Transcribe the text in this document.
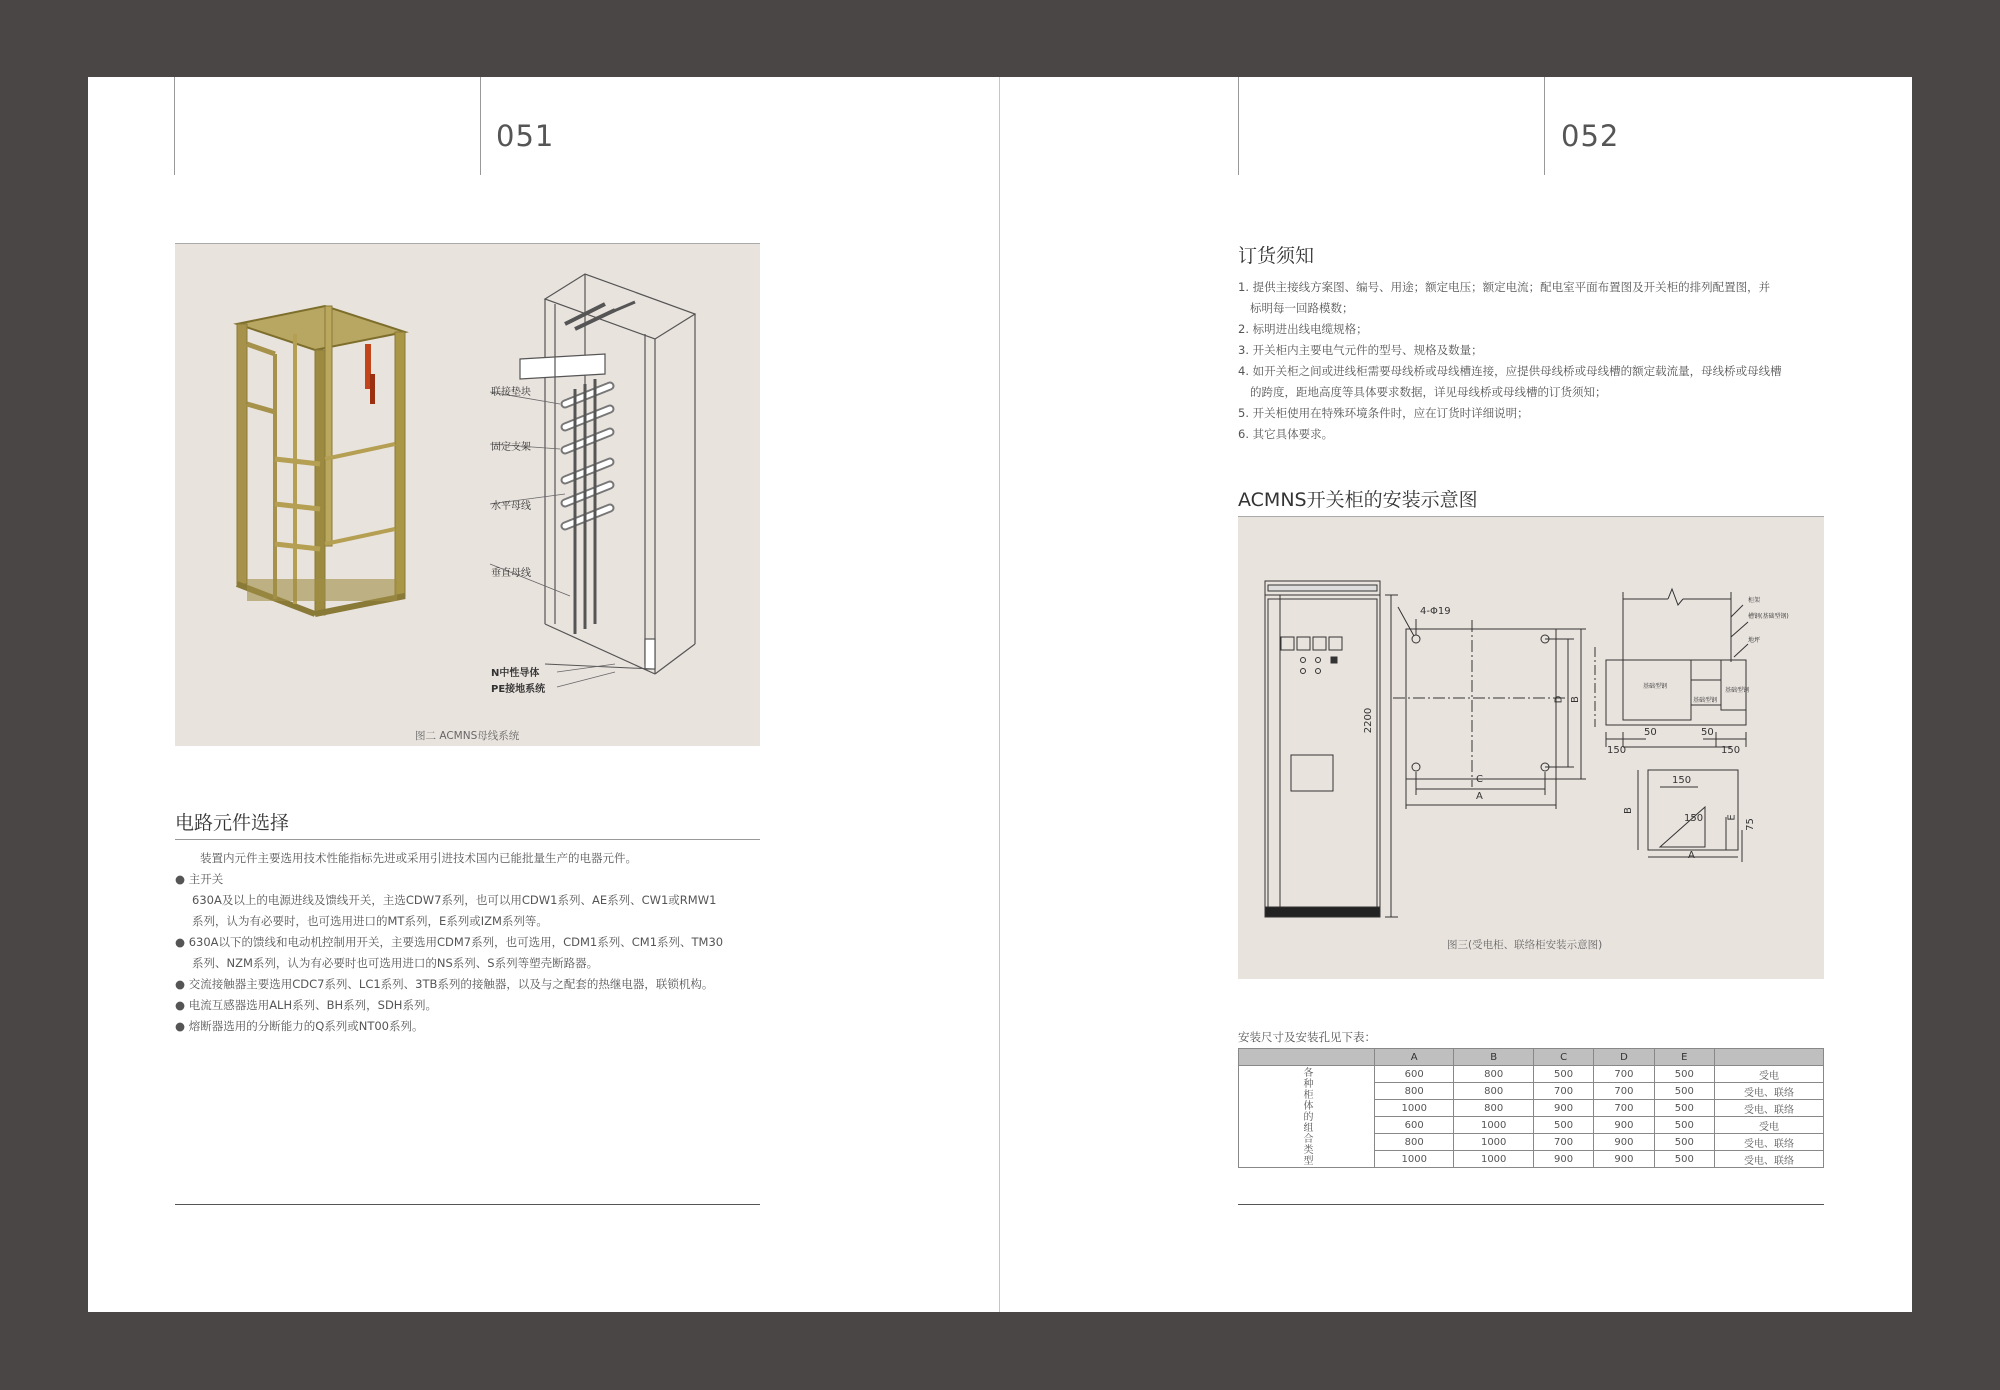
051
联接垫块
固定支架
水平母线
垂直母线
N中性导体
PE接地系统
图二 ACMNS母线系统
电路元件选择
装置内元件主要选用技术性能指标先进或采用引进技术国内已能批量生产的电器元件。
● 主开关
630A及以上的电源进线及馈线开关，主选CDW7系列，也可以用CDW1系列、AE系列、CW1或RMW1
系列，认为有必要时，也可选用进口的MT系列，E系列或IZM系列等。
● 630A以下的馈线和电动机控制用开关，主要选用CDM7系列，也可选用，CDM1系列、CM1系列、TM30
系列、NZM系列，认为有必要时也可选用进口的NS系列、S系列等塑壳断路器。
● 交流接触器主要选用CDC7系列、LC1系列、3TB系列的接触器，以及与之配套的热继电器，联锁机构。
● 电流互感器选用ALH系列、BH系列，SDH系列。
● 熔断器选用的分断能力的Q系列或NT00系列。
052
订货须知
1. 提供主接线方案图、编号、用途；额定电压；额定电流；配电室平面布置图及开关柜的排列配置图，并
标明每一回路模数；
2. 标明进出线电缆规格；
3. 开关柜内主要电气元件的型号、规格及数量；
4. 如开关柜之间或进线柜需要母线桥或母线槽连接，应提供母线桥或母线槽的额定载流量，母线桥或母线槽
的跨度，距地高度等具体要求数据，详见母线桥或母线槽的订货须知；
5. 开关柜使用在特殊环境条件时，应在订货时详细说明；
6. 其它具体要求。
ACMNS开关柜的安装示意图
4-Φ19
2200
C
A
D B
150
50	50
150
柜架
槽钢(基础型钢)
地坪
基础型钢
基础型钢
基础型钢
150
150
B
E
75
A
图三(受电柜、联络柜安装示意图)
安装尺寸及安装孔见下表：
	A	B	C	D	E	
各种柜体的组合类型	600	800	500	700	500	受电
	800	800	700	700	500	受电、联络
	1000	800	900	700	500	受电、联络
	600	1000	500	900	500	受电
	800	1000	700	900	500	受电、联络
	1000	1000	900	900	500	受电、联络
